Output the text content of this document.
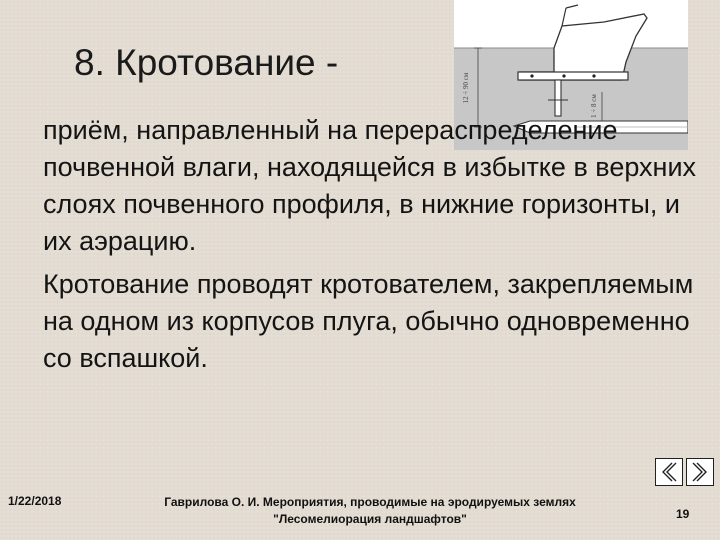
8. Кротование -
12 ÷ 90 см
1 ÷ 8 см

приём, направленный на перераспределение почвенной влаги, находящейся в избытке в верхних слоях почвенного профиля, в нижние горизонты, и их аэрацию.

Кротование проводят кротователем, закрепляемым на одном из корпусов плуга, обычно одновременно со вспашкой.

1/22/2018	Гаврилова О. И. Мероприятия, проводимые на эродируемых землях
"Лесомелиорация ландшафтов"	19
